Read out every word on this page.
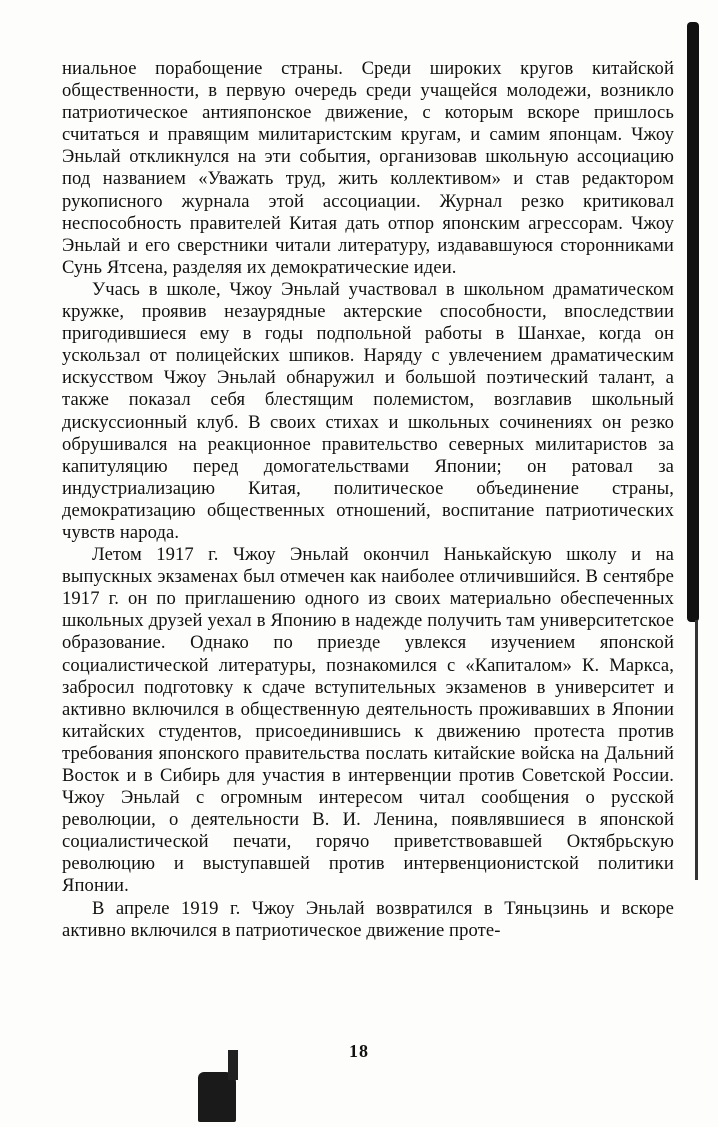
ниальное порабощение страны. Среди широких кругов китайской общественности, в первую очередь среди учащейся молодежи, возникло патриотическое антияпонское движение, с которым вскоре пришлось считаться и правящим милитаристским кругам, и самим японцам. Чжоу Эньлай откликнулся на эти события, организовав школьную ассоциацию под названием «Уважать труд, жить коллективом» и став редактором рукописного журнала этой ассоциации. Журнал резко критиковал неспособность правителей Китая дать отпор японским агрессорам. Чжоу Эньлай и его сверстники читали литературу, издававшуюся сторонниками Сунь Ятсена, разделяя их демократические идеи.

Учась в школе, Чжоу Эньлай участвовал в школьном драматическом кружке, проявив незаурядные актерские способности, впоследствии пригодившиеся ему в годы подпольной работы в Шанхае, когда он ускользал от полицейских шпиков. Наряду с увлечением драматическим искусством Чжоу Эньлай обнаружил и большой поэтический талант, а также показал себя блестящим полемистом, возглавив школьный дискуссионный клуб. В своих стихах и школьных сочинениях он резко обрушивался на реакционное правительство северных милитаристов за капитуляцию перед домогательствами Японии; он ратовал за индустриализацию Китая, политическое объединение страны, демократизацию общественных отношений, воспитание патриотических чувств народа.

Летом 1917 г. Чжоу Эньлай окончил Нанькайскую школу и на выпускных экзаменах был отмечен как наиболее отличившийся. В сентябре 1917 г. он по приглашению одного из своих материально обеспеченных школьных друзей уехал в Японию в надежде получить там университетское образование. Однако по приезде увлекся изучением японской социалистической литературы, познакомился с «Капиталом» К. Маркса, забросил подготовку к сдаче вступительных экзаменов в университет и активно включился в общественную деятельность проживавших в Японии китайских студентов, присоединившись к движению протеста против требования японского правительства послать китайские войска на Дальний Восток и в Сибирь для участия в интервенции против Советской России. Чжоу Эньлай с огромным интересом читал сообщения о русской революции, о деятельности В. И. Ленина, появлявшиеся в японской социалистической печати, горячо приветствовавшей Октябрьскую революцию и выступавшей против интервенционистской политики Японии.

В апреле 1919 г. Чжоу Эньлай возвратился в Тяньцзинь и вскоре активно включился в патриотическое движение проте-

18
